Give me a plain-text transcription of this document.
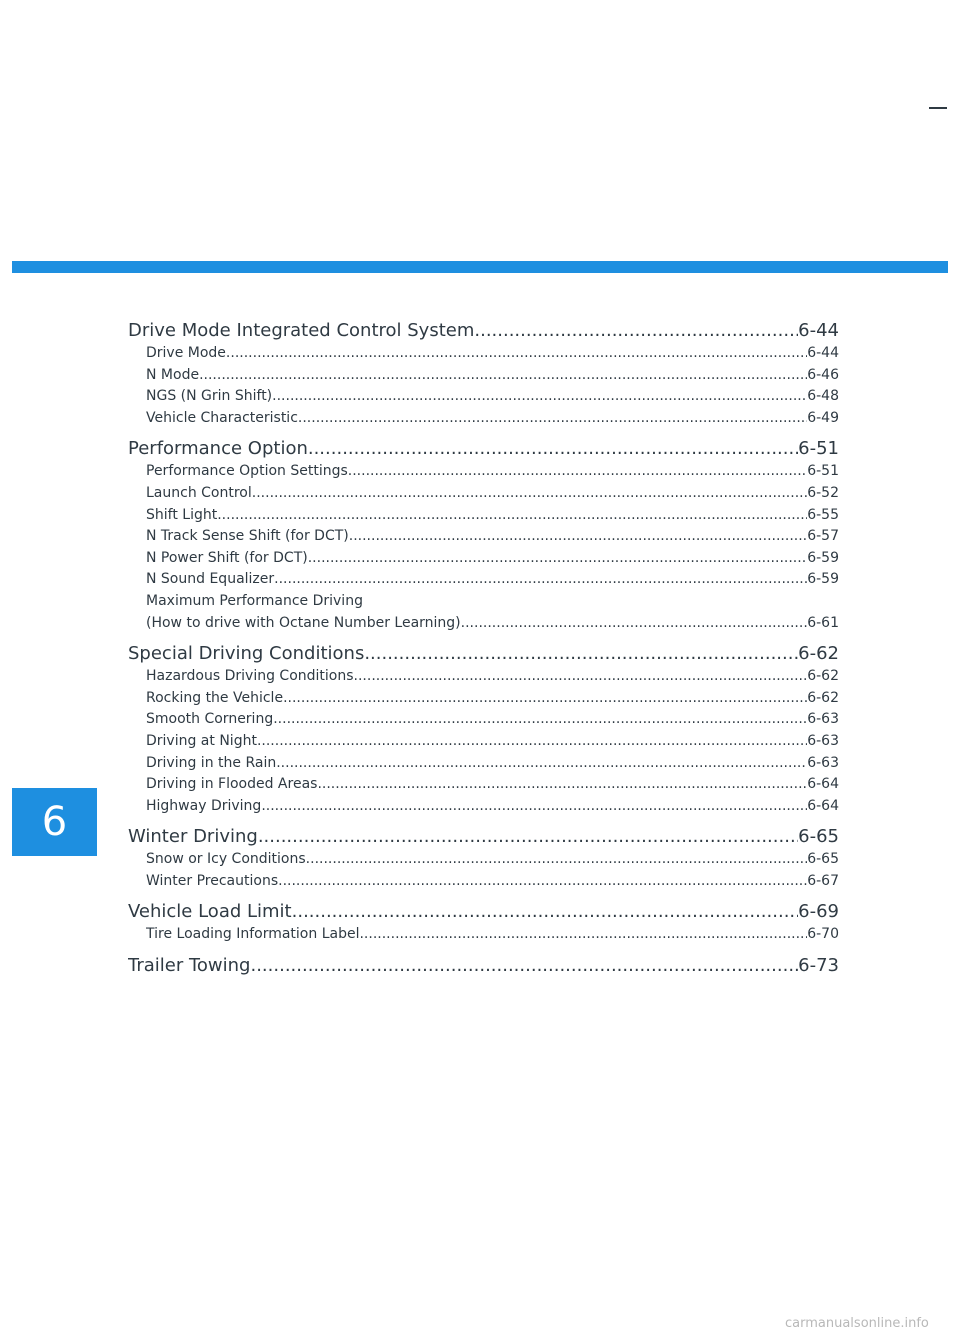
6
Drive Mode Integrated Control System .....	6-44
Drive Mode .....	6-44
N Mode .....	6-46
NGS (N Grin Shift) .....	6-48
Vehicle Characteristic .....	6-49
Performance Option .....	6-51
Performance Option Settings .....	6-51
Launch Control .....	6-52
Shift Light .....	6-55
N Track Sense Shift (for DCT) .....	6-57
N Power Shift (for DCT) .....	6-59
N Sound Equalizer .....	6-59
Maximum Performance Driving
(How to drive with Octane Number Learning) .....	6-61
Special Driving Conditions .....	6-62
Hazardous Driving Conditions .....	6-62
Rocking the Vehicle .....	6-62
Smooth Cornering .....	6-63
Driving at Night .....	6-63
Driving in the Rain .....	6-63
Driving in Flooded Areas .....	6-64
Highway Driving .....	6-64
Winter Driving .....	6-65
Snow or Icy Conditions .....	6-65
Winter Precautions .....	6-67
Vehicle Load Limit .....	6-69
Tire Loading Information Label .....	6-70
Trailer Towing .....	6-73
carmanualsonline.info
